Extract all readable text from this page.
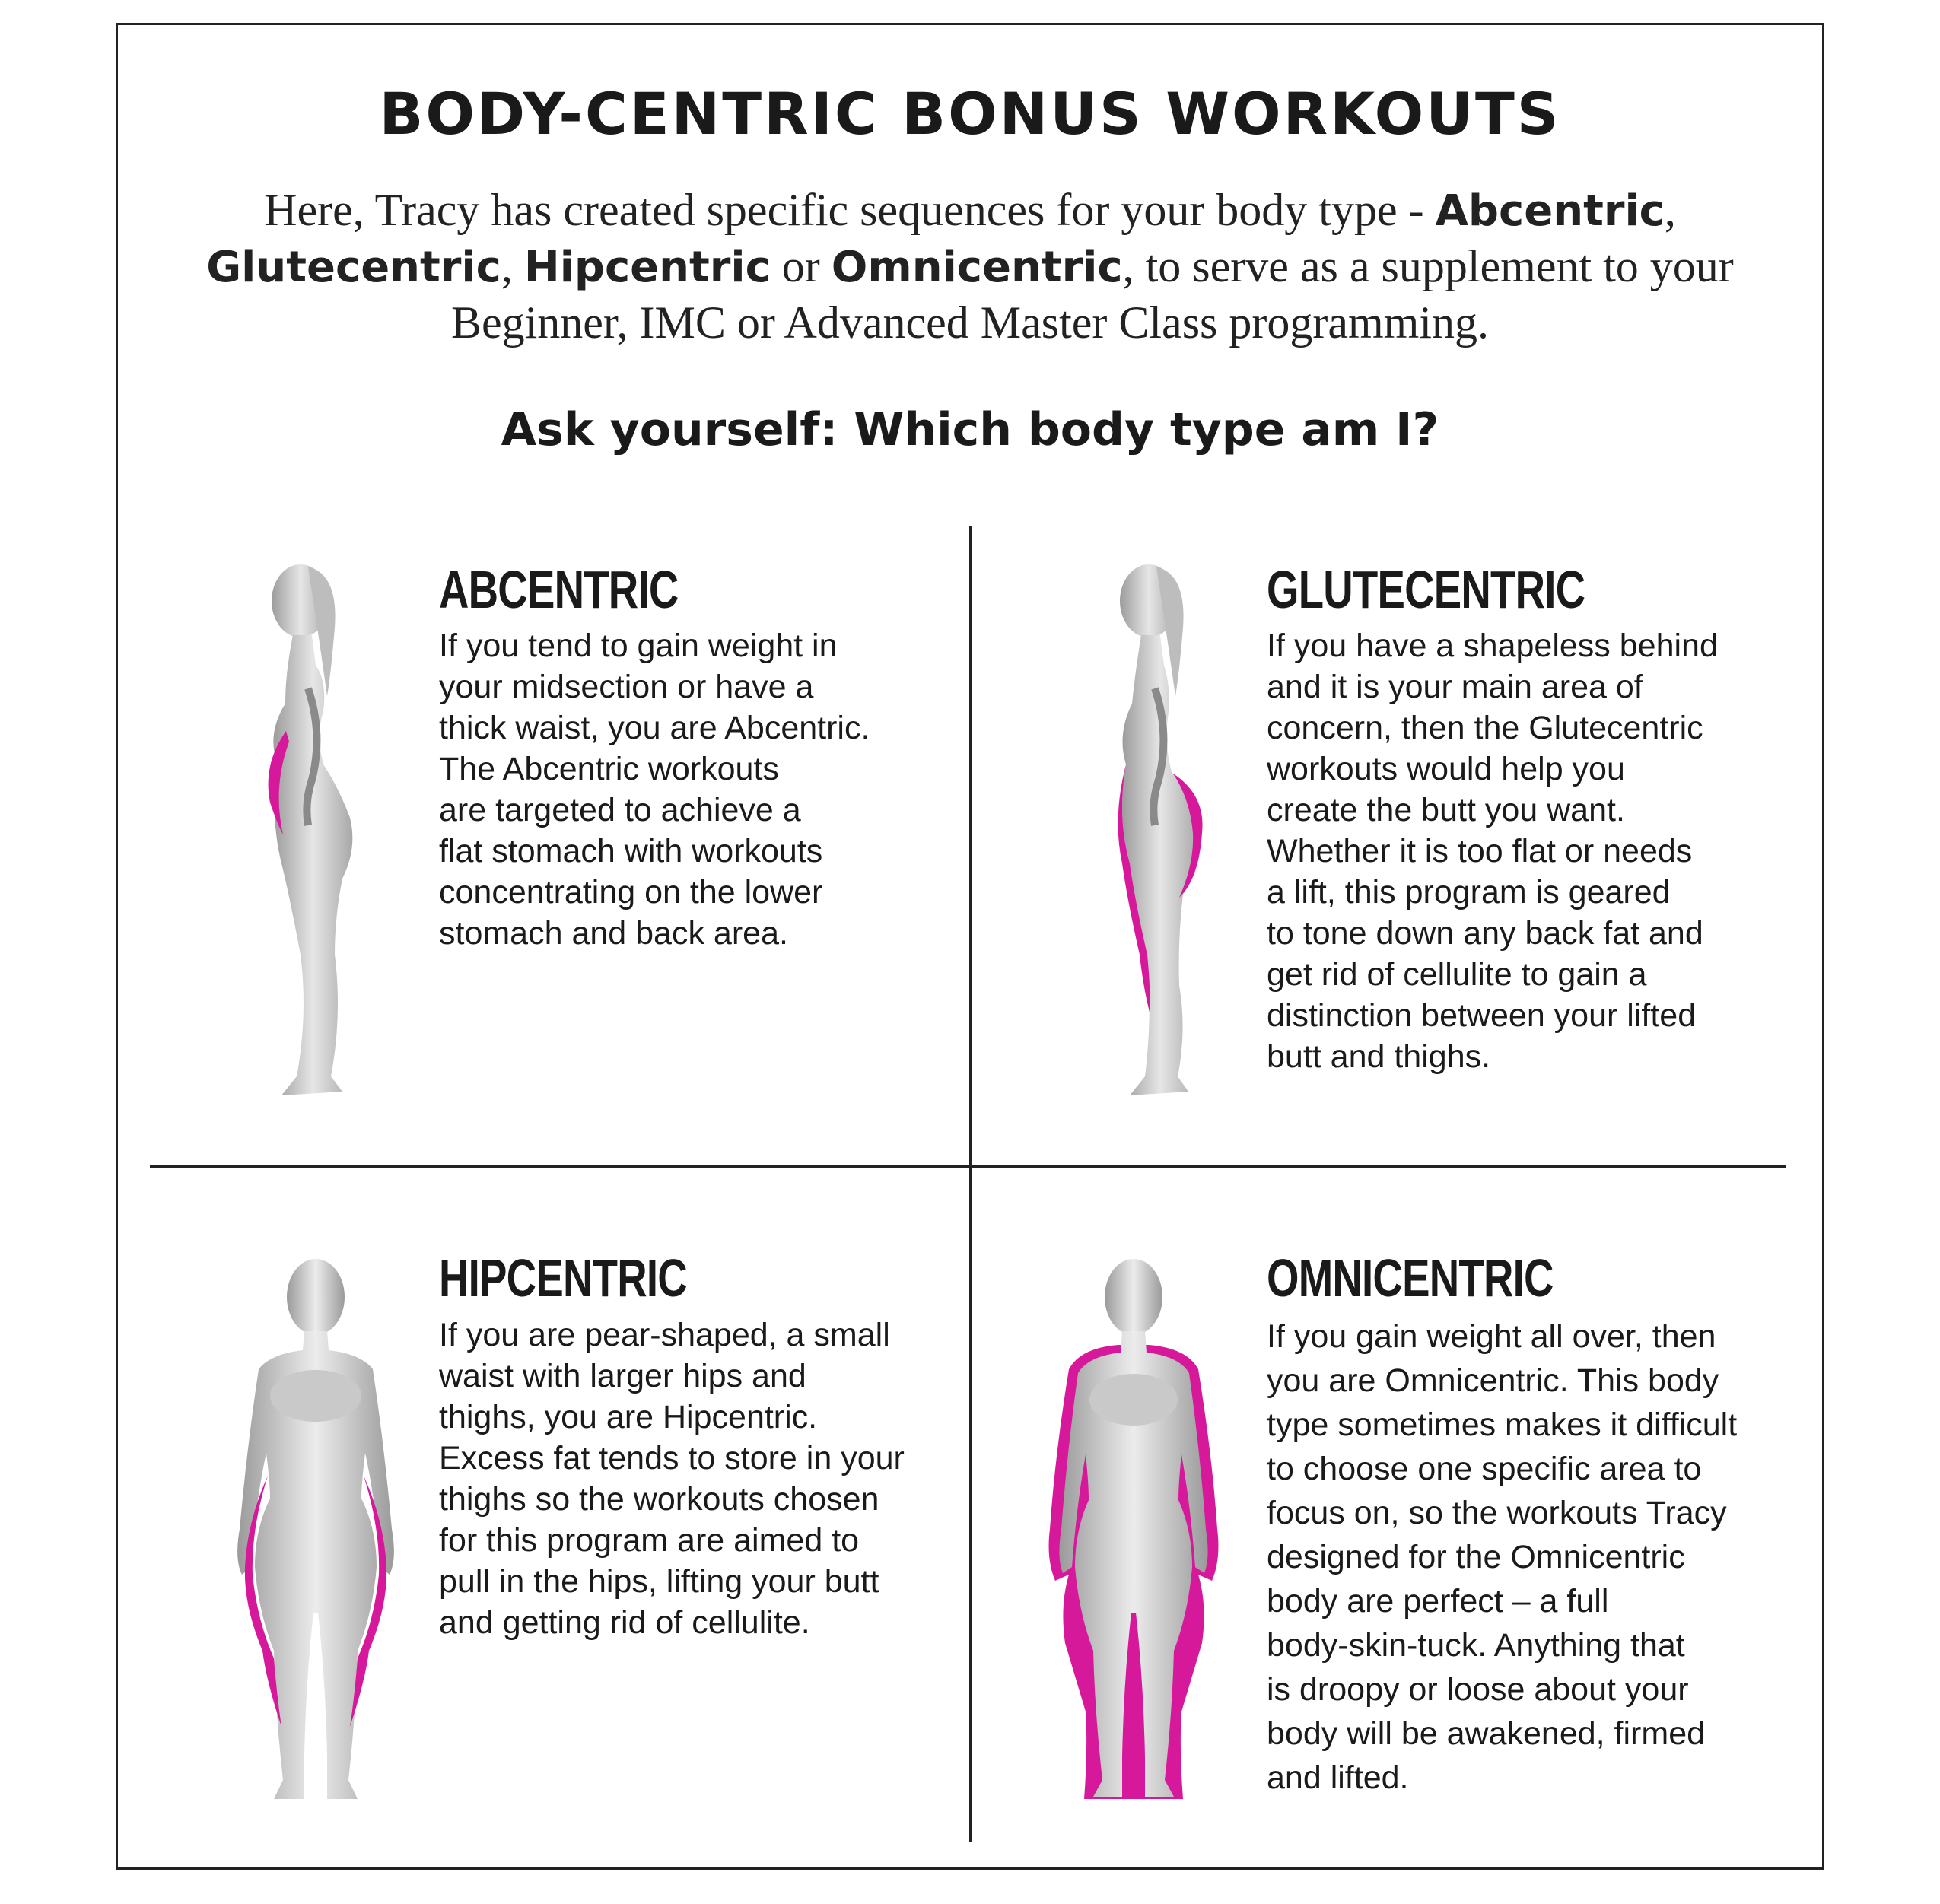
BODY-CENTRIC BONUS WORKOUTS
Here, Tracy has created specific sequences for your body type - Abcentric, Glutecentric, Hipcentric or Omnicentric, to serve as a supplement to your Beginner, IMC or Advanced Master Class programming.
Ask yourself: Which body type am I?
ABCENTRIC
If you tend to gain weight in
your midsection or have a
thick waist, you are Abcentric.
The Abcentric workouts
are targeted to achieve a
flat stomach with workouts
concentrating on the lower
stomach and back area.
GLUTECENTRIC
If you have a shapeless behind
and it is your main area of
concern, then the Glutecentric
workouts would help you
create the butt you want.
Whether it is too flat or needs
a lift, this program is geared
to tone down any back fat and
get rid of cellulite to gain a
distinction between your lifted
butt and thighs.
HIPCENTRIC
If you are pear-shaped, a small
waist with larger hips and
thighs, you are Hipcentric.
Excess fat tends to store in your
thighs so the workouts chosen
for this program are aimed to
pull in the hips, lifting your butt
and getting rid of cellulite.
OMNICENTRIC
If you gain weight all over, then
you are Omnicentric. This body
type sometimes makes it difficult
to choose one specific area to
focus on, so the workouts Tracy
designed for the Omnicentric
body are perfect – a full
body-skin-tuck. Anything that
is droopy or loose about your
body will be awakened, firmed
and lifted.
